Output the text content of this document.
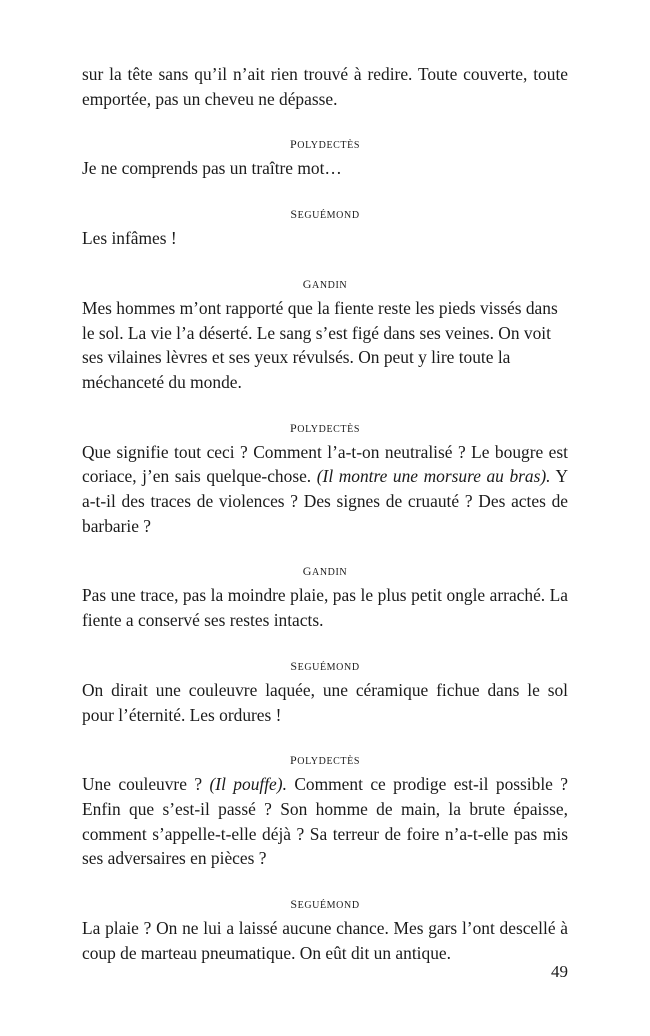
sur la tête sans qu’il n’ait rien trouvé à redire. Toute couverte, toute emportée, pas un cheveu ne dépasse.

polydectès

Je ne comprends pas un traître mot…

seguémond

Les infâmes !

gandin

Mes hommes m’ont rapporté que la fiente reste les pieds vissés dans le sol. La vie l’a déserté. Le sang s’est figé dans ses veines. On voit ses vilaines lèvres et ses yeux révulsés. On peut y lire toute la méchanceté du monde.

polydectès

Que signifie tout ceci ? Comment l’a-t-on neutralisé ? Le bougre est coriace, j’en sais quelque-chose. (Il montre une morsure au bras). Y a-t-il des traces de violences ? Des signes de cruauté ? Des actes de barbarie ?

gandin

Pas une trace, pas la moindre plaie, pas le plus petit ongle arraché. La fiente a conservé ses restes intacts.

seguémond

On dirait une couleuvre laquée, une céramique fichue dans le sol pour l’éternité. Les ordures !

polydectès

Une couleuvre ? (Il pouffe). Comment ce prodige est-il possible ? Enfin que s’est-il passé ? Son homme de main, la brute épaisse, comment s’appelle-t-elle déjà ? Sa terreur de foire n’a-t-elle pas mis ses adversaires en pièces ?

seguémond

La plaie ? On ne lui a laissé aucune chance. Mes gars l’ont descellé à coup de marteau pneumatique. On eût dit un antique.

49
